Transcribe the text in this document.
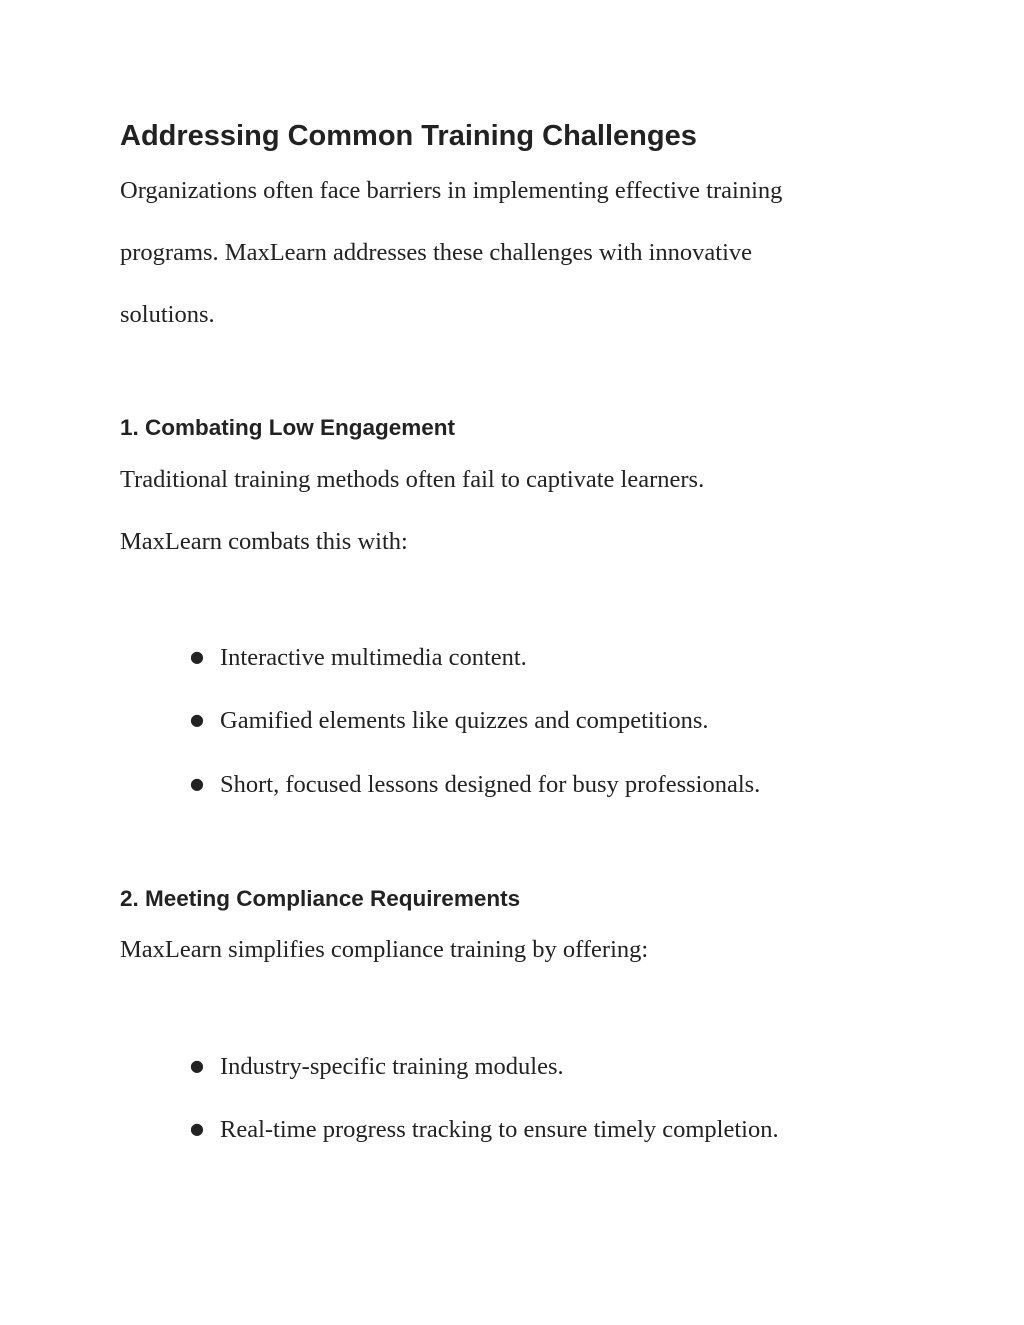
Addressing Common Training Challenges

Organizations often face barriers in implementing effective training

programs. MaxLearn addresses these challenges with innovative

solutions.

1. Combating Low Engagement

Traditional training methods often fail to captivate learners.

MaxLearn combats this with:

● Interactive multimedia content.

● Gamified elements like quizzes and competitions.

● Short, focused lessons designed for busy professionals.

2. Meeting Compliance Requirements

MaxLearn simplifies compliance training by offering:

● Industry-specific training modules.

● Real-time progress tracking to ensure timely completion.
